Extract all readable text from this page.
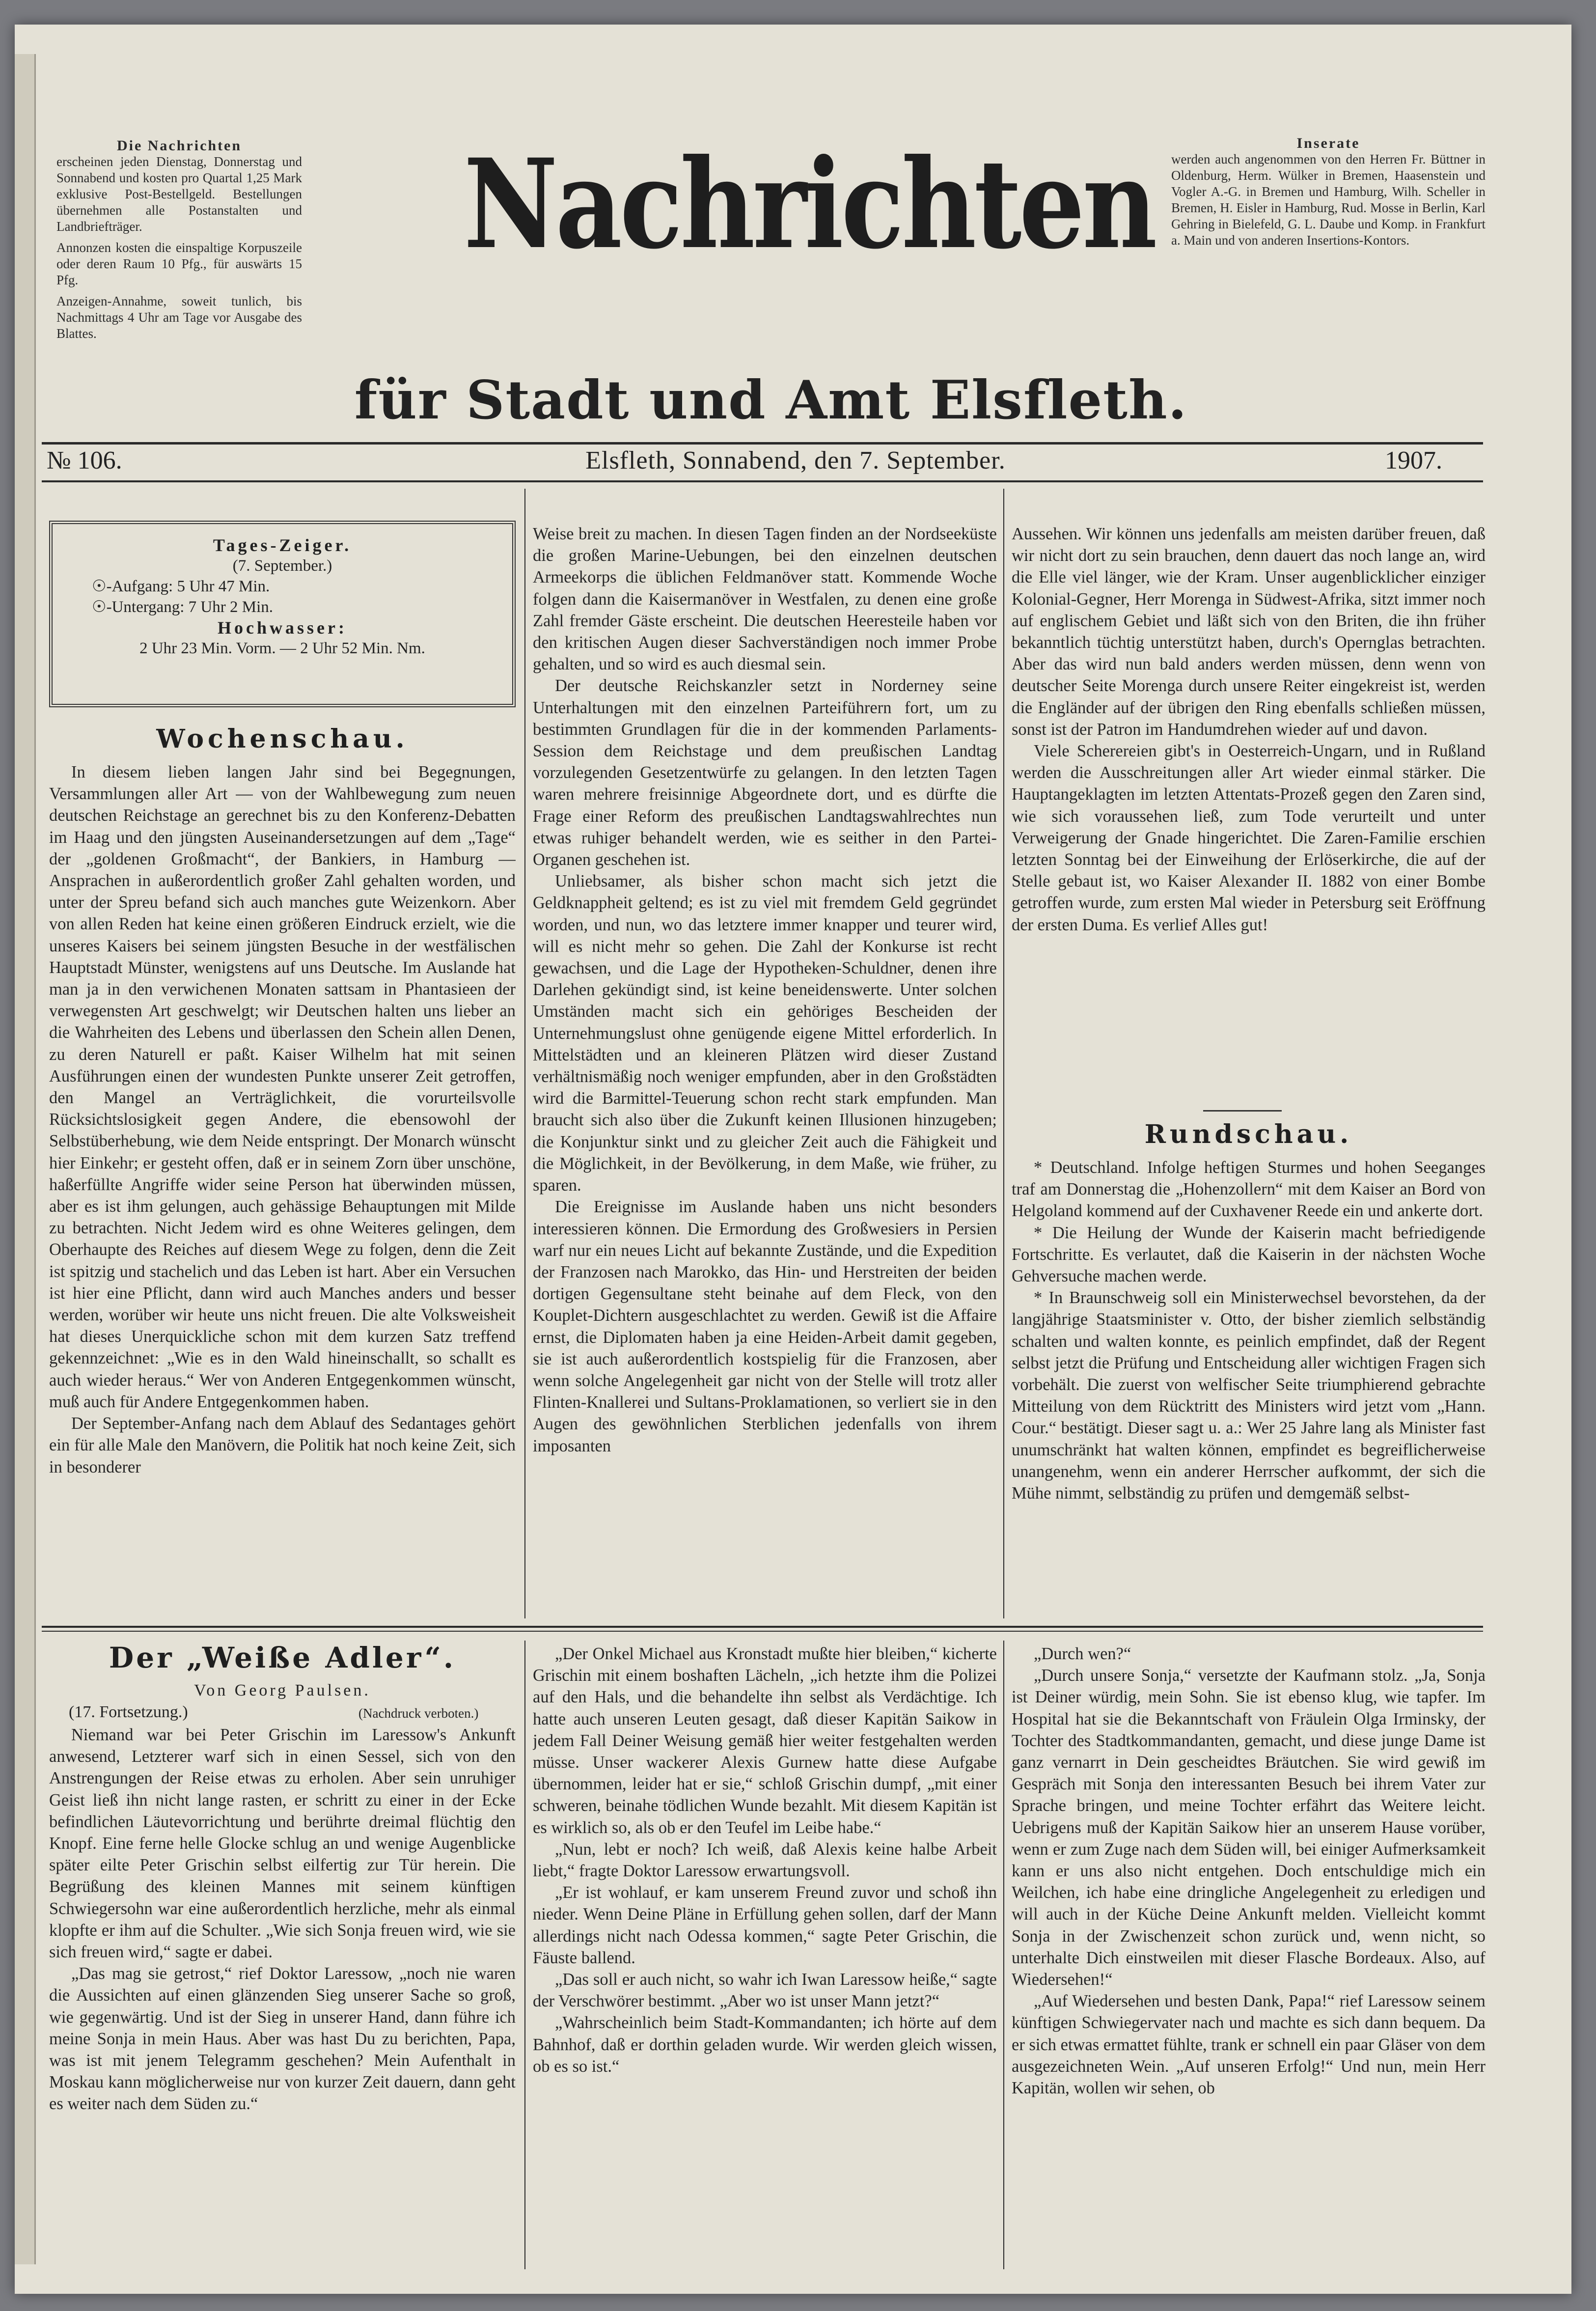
Die Nachrichten
erscheinen jeden Dienstag, Donnerstag und Sonnabend und kosten pro Quartal 1,25 Mark exklusive Post-Bestellgeld. Bestellungen übernehmen alle Postanstalten und Landbriefträger.
Annonzen kosten die einspaltige Korpuszeile oder deren Raum 10 Pfg., für auswärts 15 Pfg.
Anzeigen-Annahme, soweit tunlich, bis Nachmittags 4 Uhr am Tage vor Ausgabe des Blattes.
Nachrichten
für Stadt und Amt Elsfleth.
Inserate
werden auch angenommen von den Herren Fr. Büttner in Oldenburg, Herm. Wülker in Bremen, Haasenstein und Vogler A.-G. in Bremen und Hamburg, Wilh. Scheller in Bremen, H. Eisler in Hamburg, Rud. Mosse in Berlin, Karl Gehring in Bielefeld, G. L. Daube und Komp. in Frankfurt a. Main und von anderen Insertions-Kontors.
№ 106.	Elsfleth, Sonnabend, den 7. September.	1907.
Tages-Zeiger.
(7. September.)
☉-Aufgang: 5 Uhr 47 Min.
☉-Untergang: 7 Uhr 2 Min.
Hochwasser:
2 Uhr 23 Min. Vorm. — 2 Uhr 52 Min. Nm.
Wochenschau.

In diesem lieben langen Jahr sind bei Begegnungen, Versammlungen aller Art — von der Wahlbewegung zum neuen deutschen Reichstage an gerechnet bis zu den Konferenz-Debatten im Haag und den jüngsten Auseinandersetzungen auf dem „Tage“ der „goldenen Großmacht“, der Bankiers, in Hamburg — Ansprachen in außerordentlich großer Zahl gehalten worden, und unter der Spreu befand sich auch manches gute Weizenkorn. Aber von allen Reden hat keine einen größeren Eindruck erzielt, wie die unseres Kaisers bei seinem jüngsten Besuche in der westfälischen Hauptstadt Münster, wenigstens auf uns Deutsche. Im Auslande hat man ja in den verwichenen Monaten sattsam in Phantasieen der verwegensten Art geschwelgt; wir Deutschen halten uns lieber an die Wahrheiten des Lebens und überlassen den Schein allen Denen, zu deren Naturell er paßt. Kaiser Wilhelm hat mit seinen Ausführungen einen der wundesten Punkte unserer Zeit getroffen, den Mangel an Verträglichkeit, die vorurteilsvolle Rücksichtslosigkeit gegen Andere, die ebensowohl der Selbstüberhebung, wie dem Neide entspringt. Der Monarch wünscht hier Einkehr; er gesteht offen, daß er in seinem Zorn über unschöne, haßerfüllte Angriffe wider seine Person hat überwinden müssen, aber es ist ihm gelungen, auch gehässige Behauptungen mit Milde zu betrachten. Nicht Jedem wird es ohne Weiteres gelingen, dem Oberhaupte des Reiches auf diesem Wege zu folgen, denn die Zeit ist spitzig und stachelich und das Leben ist hart. Aber ein Versuchen ist hier eine Pflicht, dann wird auch Manches anders und besser werden, worüber wir heute uns nicht freuen. Die alte Volksweisheit hat dieses Unerquickliche schon mit dem kurzen Satz treffend gekennzeichnet: „Wie es in den Wald hineinschallt, so schallt es auch wieder heraus.“ Wer von Anderen Entgegenkommen wünscht, muß auch für Andere Entgegenkommen haben.

Der September-Anfang nach dem Ablauf des Sedantages gehört ein für alle Male den Manövern, die Politik hat noch keine Zeit, sich in besonderer

Weise breit zu machen. In diesen Tagen finden an der Nordseeküste die großen Marine-Uebungen, bei den einzelnen deutschen Armeekorps die üblichen Feldmanöver statt. Kommende Woche folgen dann die Kaisermanöver in Westfalen, zu denen eine große Zahl fremder Gäste erscheint. Die deutschen Heeresteile haben vor den kritischen Augen dieser Sachverständigen noch immer Probe gehalten, und so wird es auch diesmal sein.

Der deutsche Reichskanzler setzt in Norderney seine Unterhaltungen mit den einzelnen Parteiführern fort, um zu bestimmten Grundlagen für die in der kommenden Parlaments-Session dem Reichstage und dem preußischen Landtag vorzulegenden Gesetzentwürfe zu gelangen. In den letzten Tagen waren mehrere freisinnige Abgeordnete dort, und es dürfte die Frage einer Reform des preußischen Landtagswahlrechtes nun etwas ruhiger behandelt werden, wie es seither in den Partei-Organen geschehen ist.

Unliebsamer, als bisher schon macht sich jetzt die Geldknappheit geltend; es ist zu viel mit fremdem Geld gegründet worden, und nun, wo das letztere immer knapper und teurer wird, will es nicht mehr so gehen. Die Zahl der Konkurse ist recht gewachsen, und die Lage der Hypotheken-Schuldner, denen ihre Darlehen gekündigt sind, ist keine beneidenswerte. Unter solchen Umständen macht sich ein gehöriges Bescheiden der Unternehmungslust ohne genügende eigene Mittel erforderlich. In Mittelstädten und an kleineren Plätzen wird dieser Zustand verhältnismäßig noch weniger empfunden, aber in den Großstädten wird die Barmittel-Teuerung schon recht stark empfunden. Man braucht sich also über die Zukunft keinen Illusionen hinzugeben; die Konjunktur sinkt und zu gleicher Zeit auch die Fähigkeit und die Möglichkeit, in der Bevölkerung, in dem Maße, wie früher, zu sparen.

Die Ereignisse im Auslande haben uns nicht besonders interessieren können. Die Ermordung des Großwesiers in Persien warf nur ein neues Licht auf bekannte Zustände, und die Expedition der Franzosen nach Marokko, das Hin- und Herstreiten der beiden dortigen Gegensultane steht beinahe auf dem Fleck, von den Kouplet-Dichtern ausgeschlachtet zu werden. Gewiß ist die Affaire ernst, die Diplomaten haben ja eine Heiden-Arbeit damit gegeben, sie ist auch außerordentlich kostspielig für die Franzosen, aber wenn solche Angelegenheit gar nicht von der Stelle will trotz aller Flinten-Knallerei und Sultans-Proklamationen, so verliert sie in den Augen des gewöhnlichen Sterblichen jedenfalls von ihrem imposanten

Aussehen. Wir können uns jedenfalls am meisten darüber freuen, daß wir nicht dort zu sein brauchen, denn dauert das noch lange an, wird die Elle viel länger, wie der Kram. Unser augenblicklicher einziger Kolonial-Gegner, Herr Morenga in Südwest-Afrika, sitzt immer noch auf englischem Gebiet und läßt sich von den Briten, die ihn früher bekanntlich tüchtig unterstützt haben, durch's Opernglas betrachten. Aber das wird nun bald anders werden müssen, denn wenn von deutscher Seite Morenga durch unsere Reiter eingekreist ist, werden die Engländer auf der übrigen den Ring ebenfalls schließen müssen, sonst ist der Patron im Handumdrehen wieder auf und davon.

Viele Scherereien gibt's in Oesterreich-Ungarn, und in Rußland werden die Ausschreitungen aller Art wieder einmal stärker. Die Hauptangeklagten im letzten Attentats-Prozeß gegen den Zaren sind, wie sich voraussehen ließ, zum Tode verurteilt und unter Verweigerung der Gnade hingerichtet. Die Zaren-Familie erschien letzten Sonntag bei der Einweihung der Erlöserkirche, die auf der Stelle gebaut ist, wo Kaiser Alexander II. 1882 von einer Bombe getroffen wurde, zum ersten Mal wieder in Petersburg seit Eröffnung der ersten Duma. Es verlief Alles gut!

Rundschau.

* Deutschland. Infolge heftigen Sturmes und hohen Seeganges traf am Donnerstag die „Hohenzollern“ mit dem Kaiser an Bord von Helgoland kommend auf der Cuxhavener Reede ein und ankerte dort.

* Die Heilung der Wunde der Kaiserin macht befriedigende Fortschritte. Es verlautet, daß die Kaiserin in der nächsten Woche Gehversuche machen werde.

* In Braunschweig soll ein Ministerwechsel bevorstehen, da der langjährige Staatsminister v. Otto, der bisher ziemlich selbständig schalten und walten konnte, es peinlich empfindet, daß der Regent selbst jetzt die Prüfung und Entscheidung aller wichtigen Fragen sich vorbehält. Die zuerst von welfischer Seite triumphierend gebrachte Mitteilung von dem Rücktritt des Ministers wird jetzt vom „Hann. Cour.“ bestätigt. Dieser sagt u. a.: Wer 25 Jahre lang als Minister fast unumschränkt hat walten können, empfindet es begreiflicherweise unangenehm, wenn ein anderer Herrscher aufkommt, der sich die Mühe nimmt, selbständig zu prüfen und demgemäß selbst-

Der „Weiße Adler“.
Von Georg Paulsen.
(17. Fortsetzung.)	(Nachdruck verboten.)

Niemand war bei Peter Grischin im Laressow's Ankunft anwesend, Letzterer warf sich in einen Sessel, sich von den Anstrengungen der Reise etwas zu erholen. Aber sein unruhiger Geist ließ ihn nicht lange rasten, er schritt zu einer in der Ecke befindlichen Läutevorrichtung und berührte dreimal flüchtig den Knopf. Eine ferne helle Glocke schlug an und wenige Augenblicke später eilte Peter Grischin selbst eilfertig zur Tür herein. Die Begrüßung des kleinen Mannes mit seinem künftigen Schwiegersohn war eine außerordentlich herzliche, mehr als einmal klopfte er ihm auf die Schulter. „Wie sich Sonja freuen wird, wie sie sich freuen wird,“ sagte er dabei.

„Das mag sie getrost,“ rief Doktor Laressow, „noch nie waren die Aussichten auf einen glänzenden Sieg unserer Sache so groß, wie gegenwärtig. Und ist der Sieg in unserer Hand, dann führe ich meine Sonja in mein Haus. Aber was hast Du zu berichten, Papa, was ist mit jenem Telegramm geschehen? Mein Aufenthalt in Moskau kann möglicherweise nur von kurzer Zeit dauern, dann geht es weiter nach dem Süden zu.“

„Der Onkel Michael aus Kronstadt mußte hier bleiben,“ kicherte Grischin mit einem boshaften Lächeln, „ich hetzte ihm die Polizei auf den Hals, und die behandelte ihn selbst als Verdächtige. Ich hatte auch unseren Leuten gesagt, daß dieser Kapitän Saikow in jedem Fall Deiner Weisung gemäß hier weiter festgehalten werden müsse. Unser wackerer Alexis Gurnew hatte diese Aufgabe übernommen, leider hat er sie,“ schloß Grischin dumpf, „mit einer schweren, beinahe tödlichen Wunde bezahlt. Mit diesem Kapitän ist es wirklich so, als ob er den Teufel im Leibe habe.“

„Nun, lebt er noch? Ich weiß, daß Alexis keine halbe Arbeit liebt,“ fragte Doktor Laressow erwartungsvoll.

„Er ist wohlauf, er kam unserem Freund zuvor und schoß ihn nieder. Wenn Deine Pläne in Erfüllung gehen sollen, darf der Mann allerdings nicht nach Odessa kommen,“ sagte Peter Grischin, die Fäuste ballend.

„Das soll er auch nicht, so wahr ich Iwan Laressow heiße,“ sagte der Verschwörer bestimmt. „Aber wo ist unser Mann jetzt?“

„Wahrscheinlich beim Stadt-Kommandanten; ich hörte auf dem Bahnhof, daß er dorthin geladen wurde. Wir werden gleich wissen, ob es so ist.“

„Durch wen?“

„Durch unsere Sonja,“ versetzte der Kaufmann stolz. „Ja, Sonja ist Deiner würdig, mein Sohn. Sie ist ebenso klug, wie tapfer. Im Hospital hat sie die Bekanntschaft von Fräulein Olga Irminsky, der Tochter des Stadtkommandanten, gemacht, und diese junge Dame ist ganz vernarrt in Dein gescheidtes Bräutchen. Sie wird gewiß im Gespräch mit Sonja den interessanten Besuch bei ihrem Vater zur Sprache bringen, und meine Tochter erfährt das Weitere leicht. Uebrigens muß der Kapitän Saikow hier an unserem Hause vorüber, wenn er zum Zuge nach dem Süden will, bei einiger Aufmerksamkeit kann er uns also nicht entgehen. Doch entschuldige mich ein Weilchen, ich habe eine dringliche Angelegenheit zu erledigen und will auch in der Küche Deine Ankunft melden. Vielleicht kommt Sonja in der Zwischenzeit schon zurück und, wenn nicht, so unterhalte Dich einstweilen mit dieser Flasche Bordeaux. Also, auf Wiedersehen!“

„Auf Wiedersehen und besten Dank, Papa!“ rief Laressow seinem künftigen Schwiegervater nach und machte es sich dann bequem. Da er sich etwas ermattet fühlte, trank er schnell ein paar Gläser von dem ausgezeichneten Wein. „Auf unseren Erfolg!“ Und nun, mein Herr Kapitän, wollen wir sehen, ob
